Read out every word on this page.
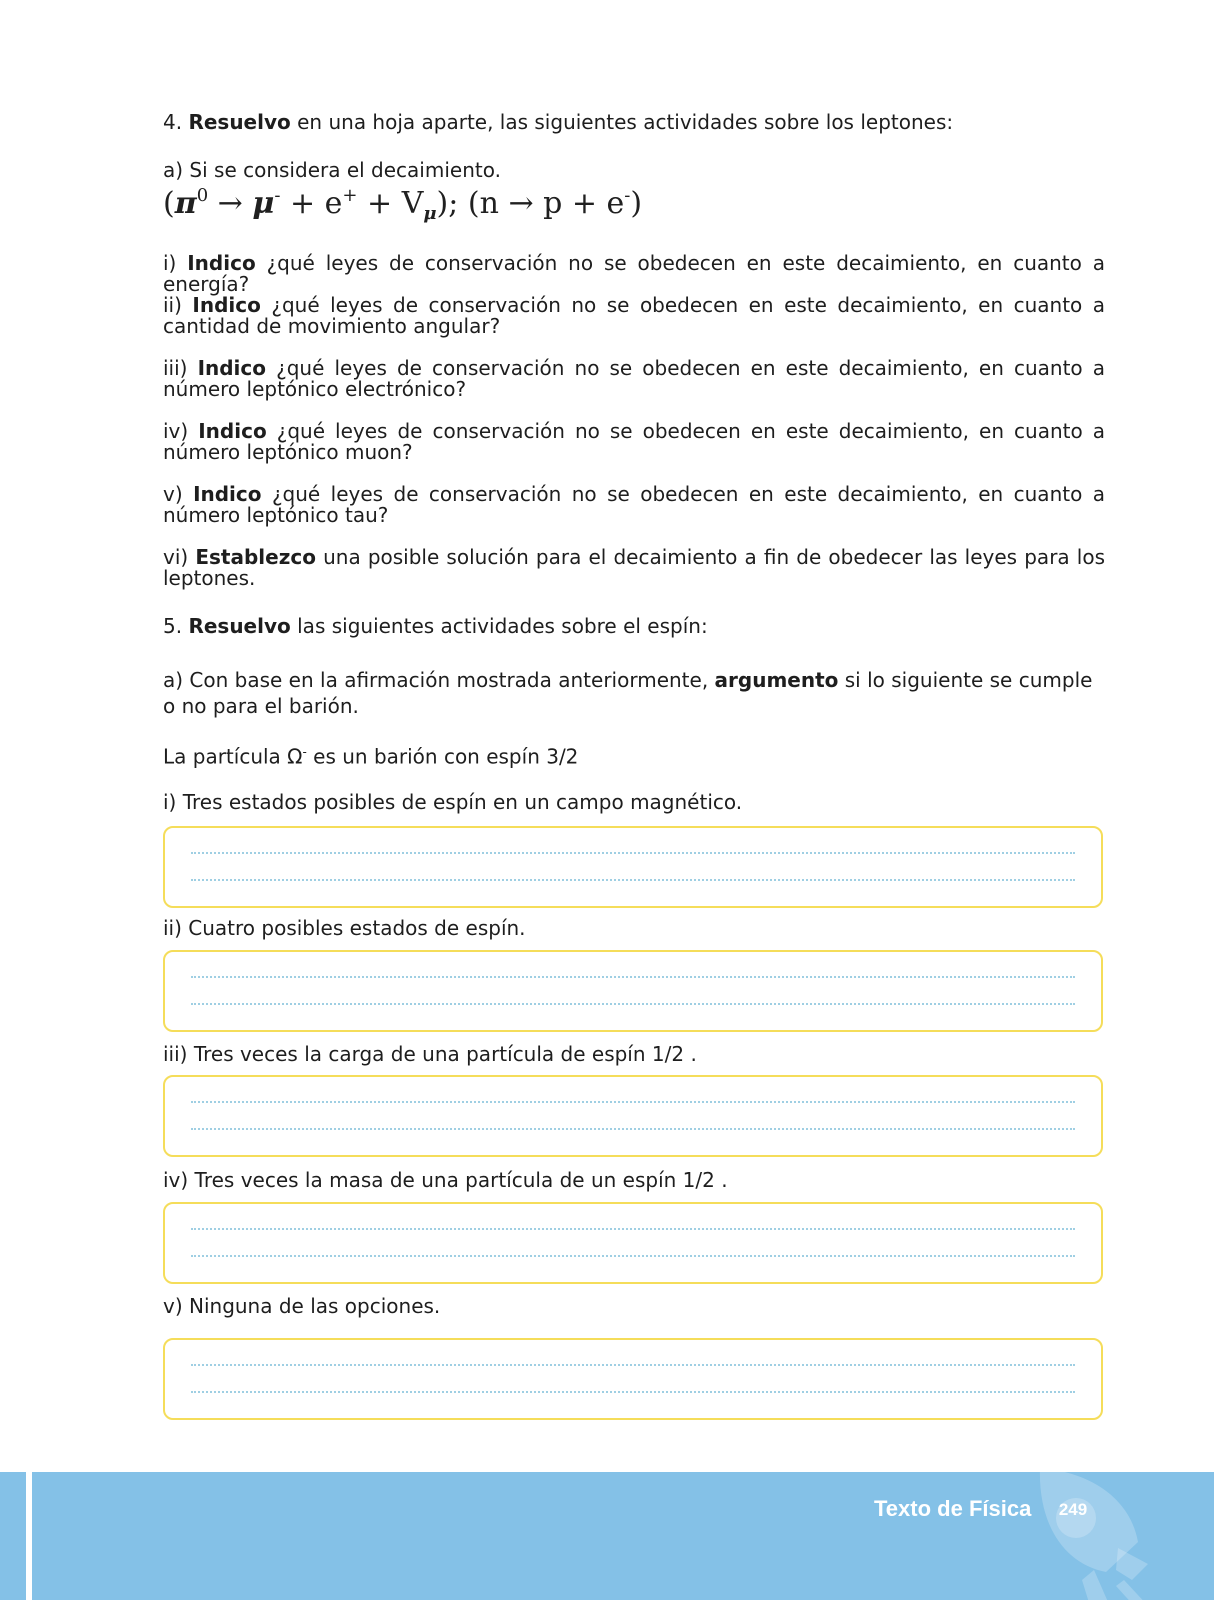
4. Resuelvo en una hoja aparte, las siguientes actividades sobre los leptones:

a) Si se considera el decaimiento.

$(\pi^0 \to \mu^- + e^+ + V_\mu)$; (n → p + e-)

i) Indico ¿qué leyes de conservación no se obedecen en este decaimiento, en cuanto a energía?

ii) Indico ¿qué leyes de conservación no se obedecen en este decaimiento, en cuanto a cantidad de movimiento angular?

iii) Indico ¿qué leyes de conservación no se obedecen en este decaimiento, en cuanto a número leptónico electrónico?

iv) Indico ¿qué leyes de conservación no se obedecen en este decaimiento, en cuanto a número leptónico muon?

v) Indico ¿qué leyes de conservación no se obedecen en este decaimiento, en cuanto a número leptónico tau?

vi) Establezco una posible solución para el decaimiento a fin de obedecer las leyes para los leptones.

5. Resuelvo las siguientes actividades sobre el espín:

a) Con base en la afirmación mostrada anteriormente, argumento si lo siguiente se cumple o no para el barión.

La partícula Ω- es un barión con espín 3/2

i) Tres estados posibles de espín en un campo magnético.

ii) Cuatro posibles estados de espín.

iii) Tres veces la carga de una partícula de espín 1/2 .

iv) Tres veces la masa de una partícula de un espín 1/2 .

v) Ninguna de las opciones.

Texto de Física	249
